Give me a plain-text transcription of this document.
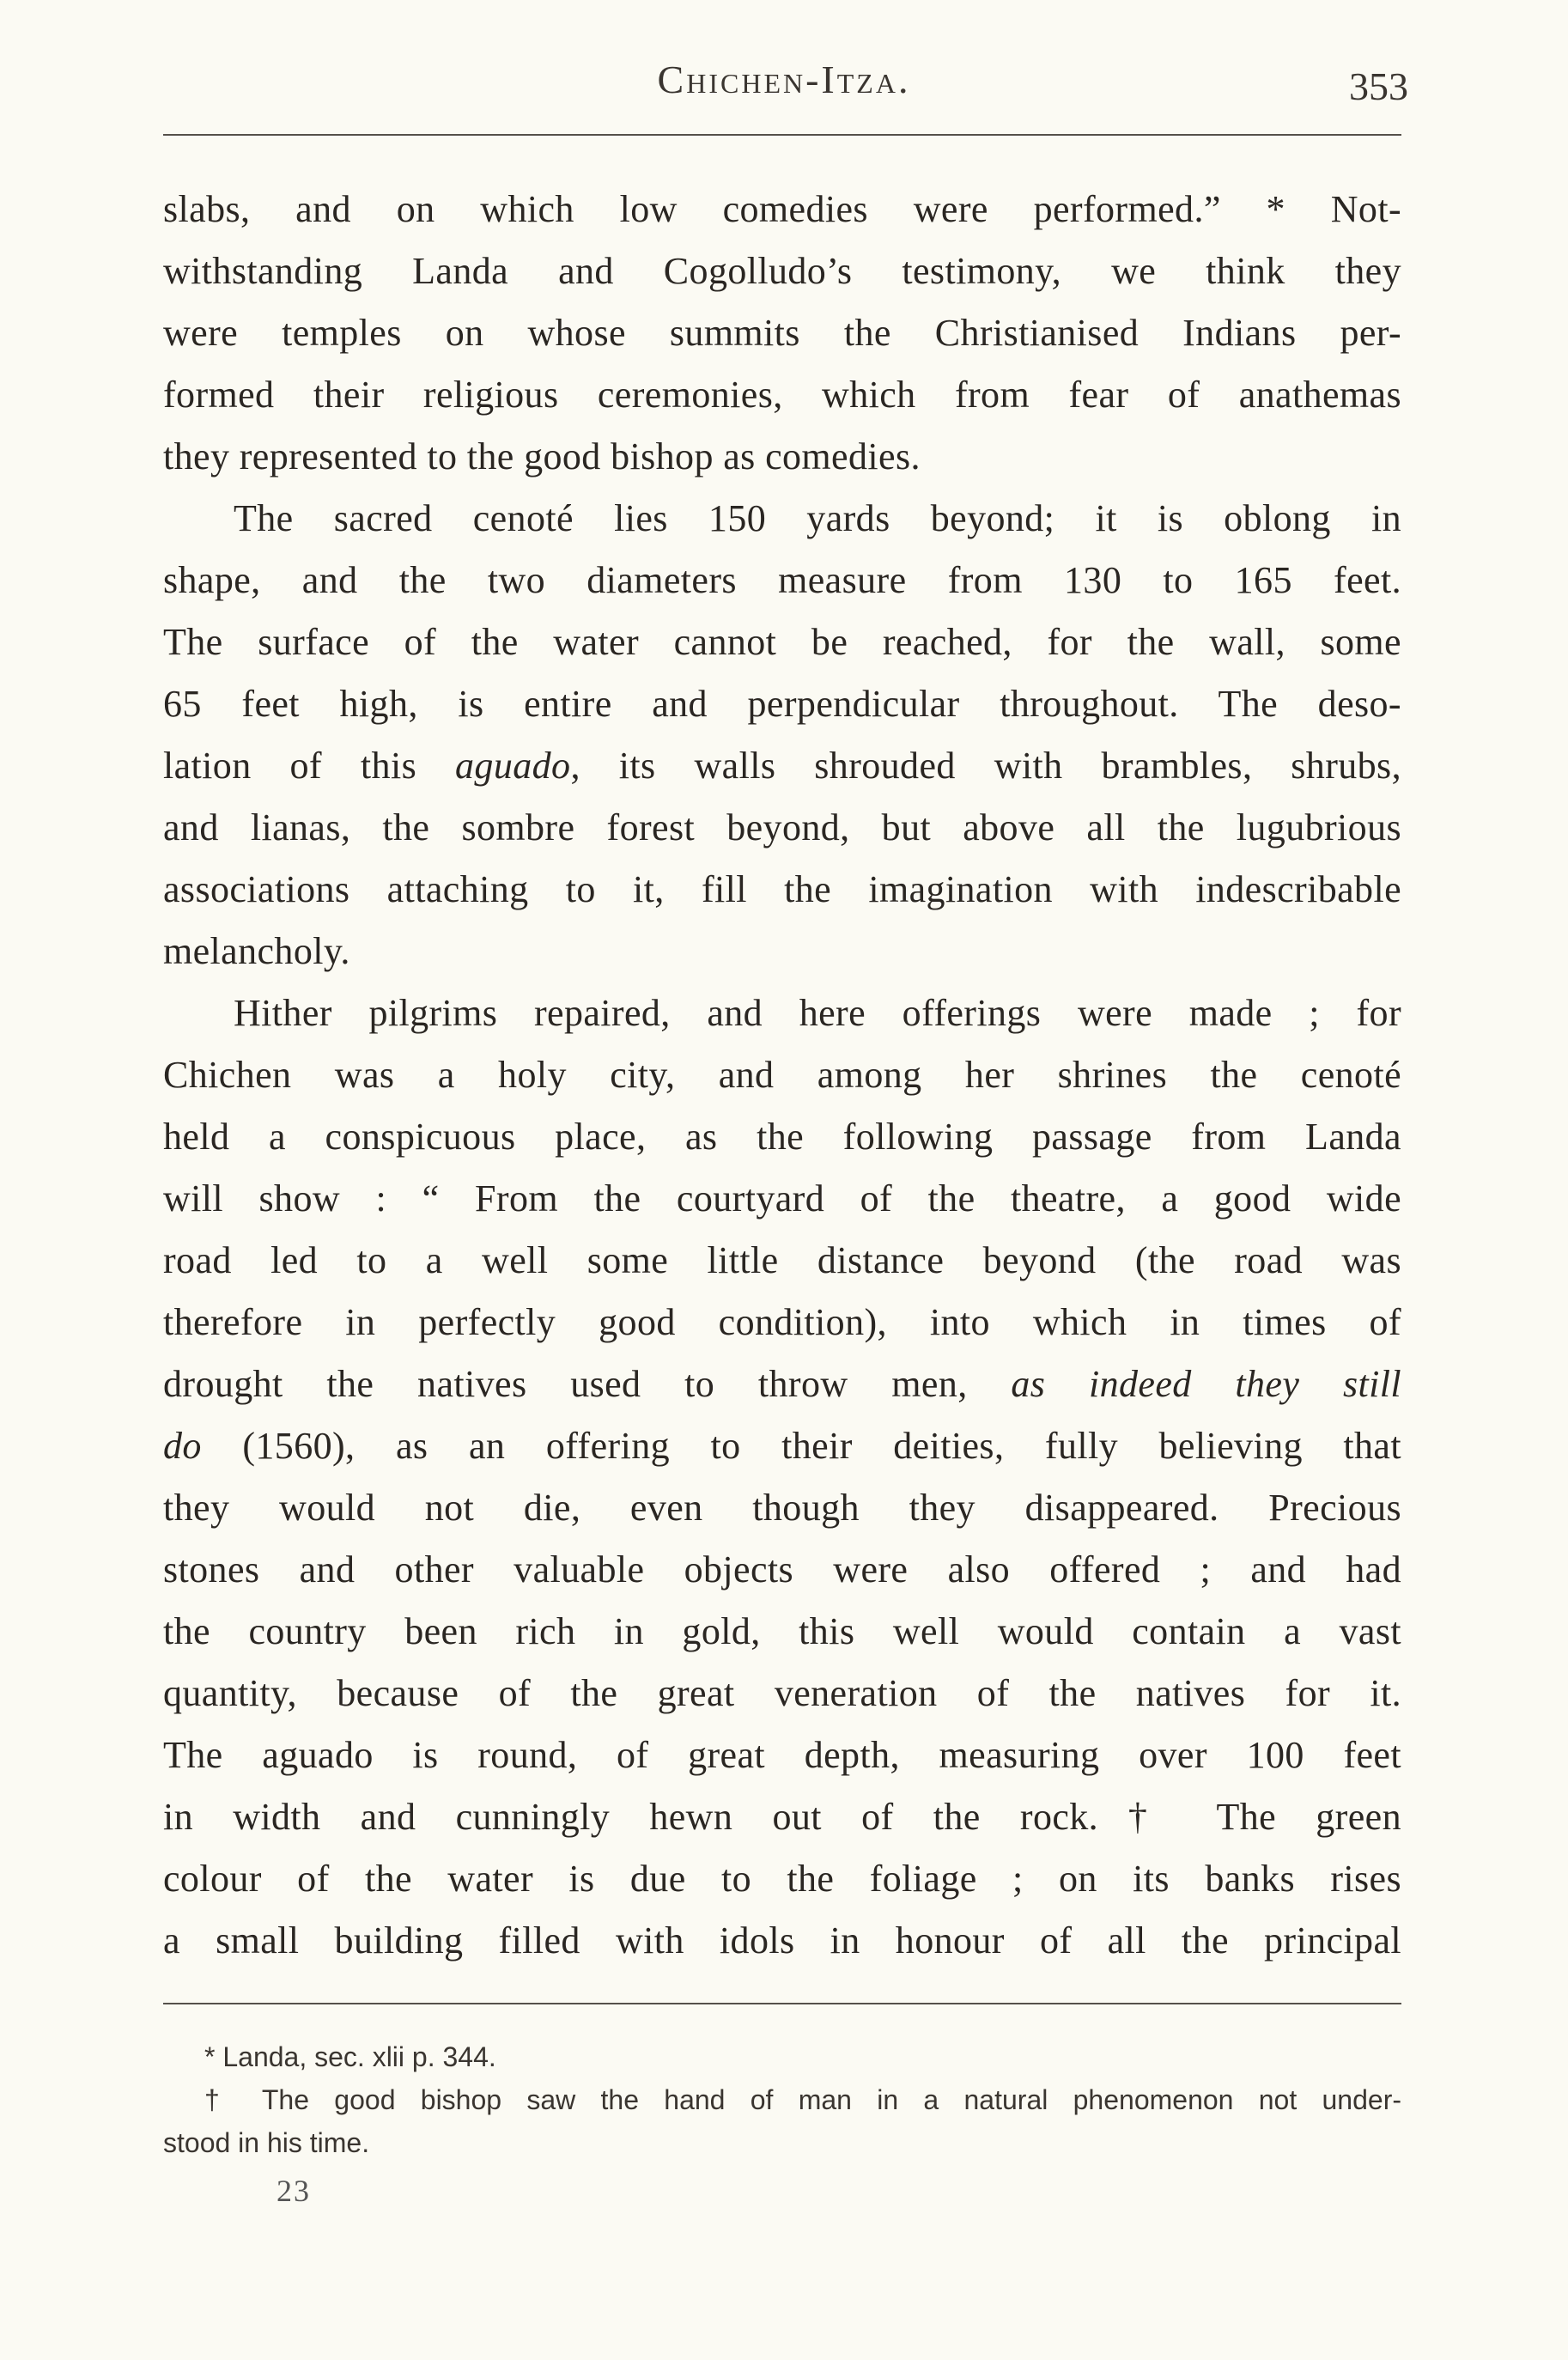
Chichen-Itza.	353
slabs, and on which low comedies were performed.” * Not-
withstanding Landa and Cogolludo’s testimony, we think they
were temples on whose summits the Christianised Indians per-
formed their religious ceremonies, which from fear of anathemas
they represented to the good bishop as comedies.
The sacred cenoté lies 150 yards beyond; it is oblong in
shape, and the two diameters measure from 130 to 165 feet.
The surface of the water cannot be reached, for the wall, some
65 feet high, is entire and perpendicular throughout. The deso-
lation of this aguado, its walls shrouded with brambles, shrubs,
and lianas, the sombre forest beyond, but above all the lugubrious
associations attaching to it, fill the imagination with indescribable
melancholy.
Hither pilgrims repaired, and here offerings were made ; for
Chichen was a holy city, and among her shrines the cenoté
held a conspicuous place, as the following passage from Landa
will show : “ From the courtyard of the theatre, a good wide
road led to a well some little distance beyond (the road was
therefore in perfectly good condition), into which in times of
drought the natives used to throw men, as indeed they still
do (1560), as an offering to their deities, fully believing that
they would not die, even though they disappeared. Precious
stones and other valuable objects were also offered ; and had
the country been rich in gold, this well would contain a vast
quantity, because of the great veneration of the natives for it.
The aguado is round, of great depth, measuring over 100 feet
in width and cunningly hewn out of the rock.† The green
colour of the water is due to the foliage ; on its banks rises
a small building filled with idols in honour of all the principal
* Landa, sec. xlii p. 344.
† The good bishop saw the hand of man in a natural phenomenon not under-
stood in his time.
23
